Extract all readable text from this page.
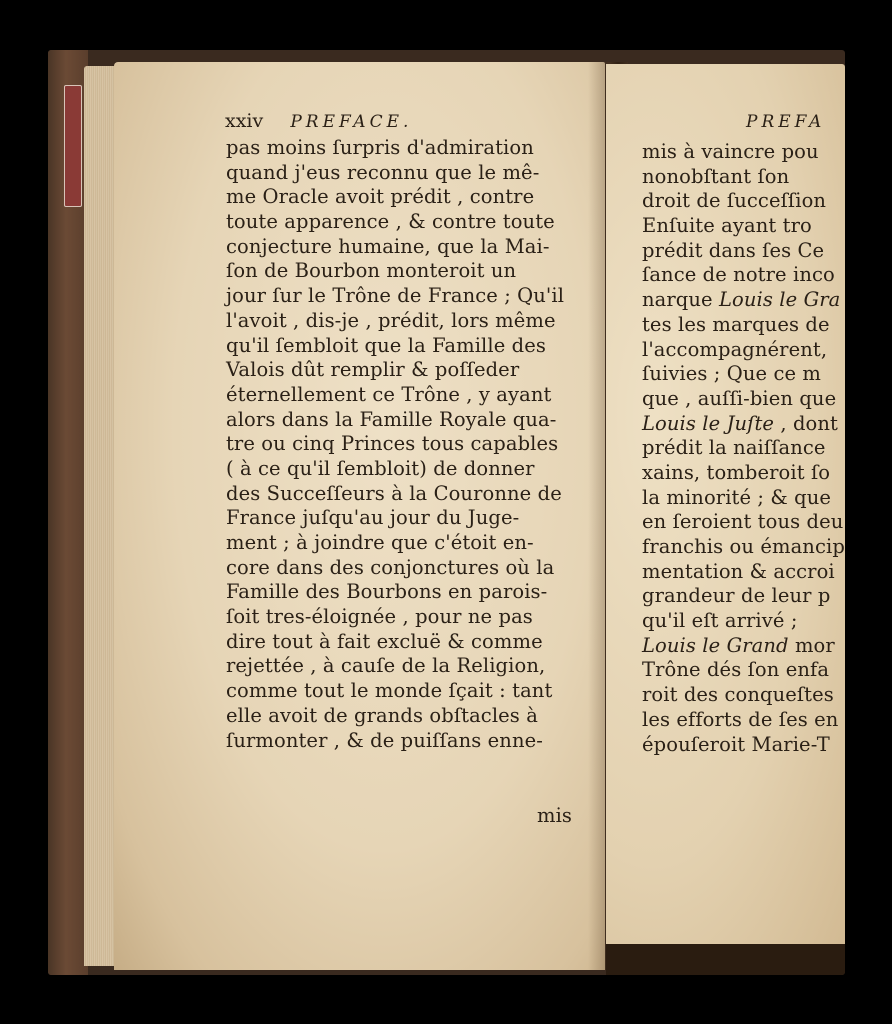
xxiv PREFACE.
pas moins ſurpris d'admiration
quand j'eus reconnu que le mê-
me Oracle avoit prédit , contre
toute apparence , & contre toute
conjecture humaine, que la Mai-
ſon de Bourbon monteroit un
jour ſur le Trône de France ; Qu'il
l'avoit , dis-je , prédit, lors même
qu'il ſembloit que la Famille des
Valois dût remplir & poſſeder
éternellement ce Trône , y ayant
alors dans la Famille Royale qua-
tre ou cinq Princes tous capables
( à ce qu'il ſembloit) de donner
des Succeſſeurs à la Couronne de
France juſqu'au jour du Juge-
ment ; à joindre que c'étoit en-
core dans des conjonctures où la
Famille des Bourbons en parois-
ſoit tres-éloignée , pour ne pas
dire tout à fait excluë & comme
rejettée , à cauſe de la Religion,
comme tout le monde ſçait : tant
elle avoit de grands obſtacles à
ſurmonter , & de puiſſans enne-
mis
PREFA
mis à vaincre pou
nonobſtant ſon
droit de ſucceſſion
Enſuite ayant tro
prédit dans ſes Ce
ſance de notre inco
narque Louis le Gra
tes les marques de
l'accompagnérent,
ſuivies ; Que ce m
que , auſſi-bien que
Louis le Juſte , dont
prédit la naiſſance
xains, tomberoit ſo
la minorité ; & que
en ſeroient tous deu
franchis ou émancip
mentation & accroi
grandeur de leur p
qu'il eſt arrivé ;
Louis le Grand mor
Trône dés ſon enfa
roit des conqueſtes
les efforts de ſes en
épouſeroit Marie-T
